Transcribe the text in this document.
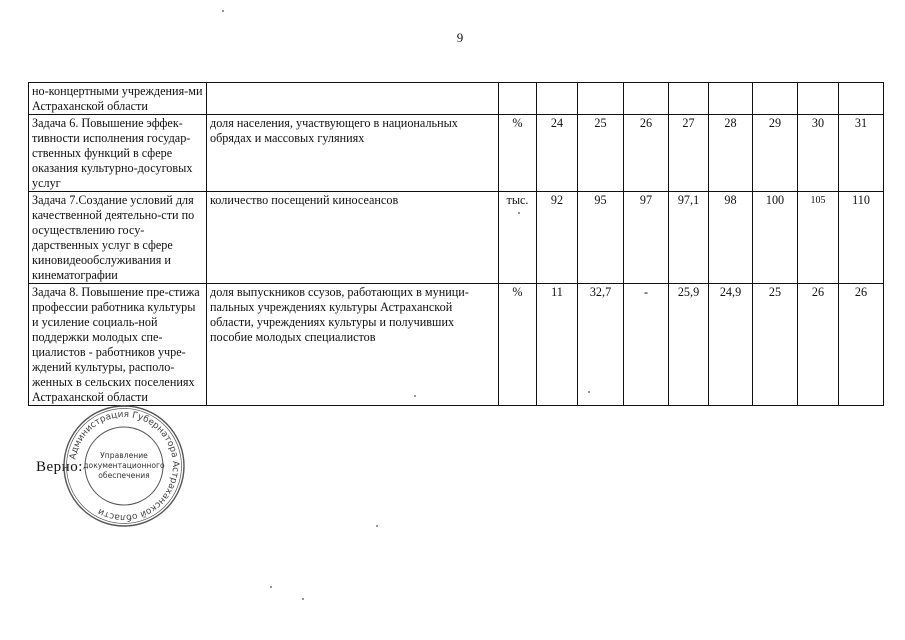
9
но-концертными учреждения-ми Астраханской области										
Задача 6. Повышение эффек-тивности исполнения государ-ственных функций в сфере оказания культурно-досуговых услуг	доля населения, участвующего в национальных обрядах и массовых гуляниях	%	24	25	26	27	28	29	30	31
Задача 7.Создание условий для качественной деятельно-сти по осуществлению госу-дарственных услуг в сфере киновидеообслуживания и кинематографии	количество посещений киносеансов	тыс.	92	95	97	97,1	98	100	105	110
Задача 8. Повышение пре-стижа профессии работника культуры и усиление социаль-ной поддержки молодых спе-циалистов - работников учре-ждений культуры, располо-женных в сельских поселениях Астраханской области	доля выпускников ссузов, работающих в муници-пальных учреждениях культуры Астраханской области, учреждениях культуры и получивших пособие молодых специалистов	%	11	32,7	-	25,9	24,9	25	26	26
Верно:
Администрация Губернатора Астраханской области
Управление
документационного
обеспечения
